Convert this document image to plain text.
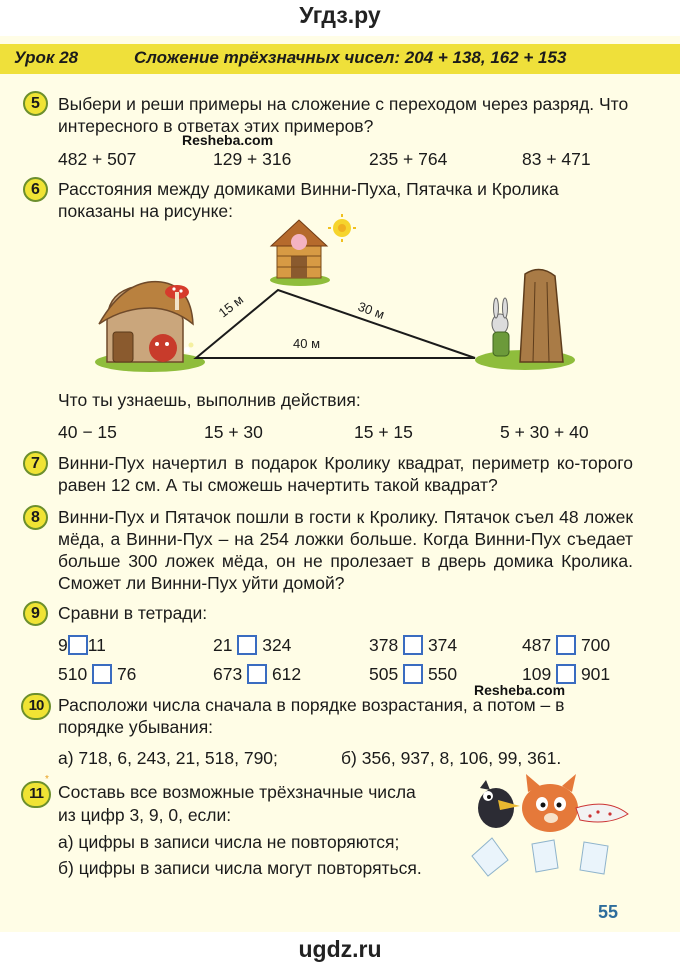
Угдз.ру
Урок 28	Сложение трёхзначных чисел: 204 + 138, 162 + 153
5	Выбери и реши примеры на сложение с переходом через разряд. Что интересного в ответах этих примеров?
Resheba.com
482 + 507	129 + 316	235 + 764	83 + 471
6	Расстояния между домиками Винни-Пуха, Пятачка и Кролика показаны на рисунке:
15 м	30 м
40 м
Что ты узнаешь, выполнив действия:
40 − 15	15 + 30	15 + 15	5 + 30 + 40
7	Винни-Пух начертил в подарок Кролику квадрат, периметр ко-торого равен 12 см. А ты сможешь начертить такой квадрат?
8	Винни-Пух и Пятачок пошли в гости к Кролику. Пятачок съел 48 ложек мёда, а Винни-Пух – на 254 ложки больше. Когда Винни-Пух съедает больше 300 ложек мёда, он не пролезает в дверь домика Кролика. Сможет ли Винни-Пух уйти домой?
9	Сравни в тетради:
9 11	21 324	378 374	487 700
510 76	673 612	505 550	109 901
Resheba.com
10 Расположи числа сначала в порядке возрастания, а потом – в порядке убывания:
а) 718, 6, 243, 21, 518, 790;	б) 356, 937, 8, 106, 99, 361.
11
*
Составь все возможные трёхзначные числа
из цифр 3, 9, 0, если:
а) цифры в записи числа не повторяются;
б) цифры в записи числа могут повторяться.
55
ugdz.ru
